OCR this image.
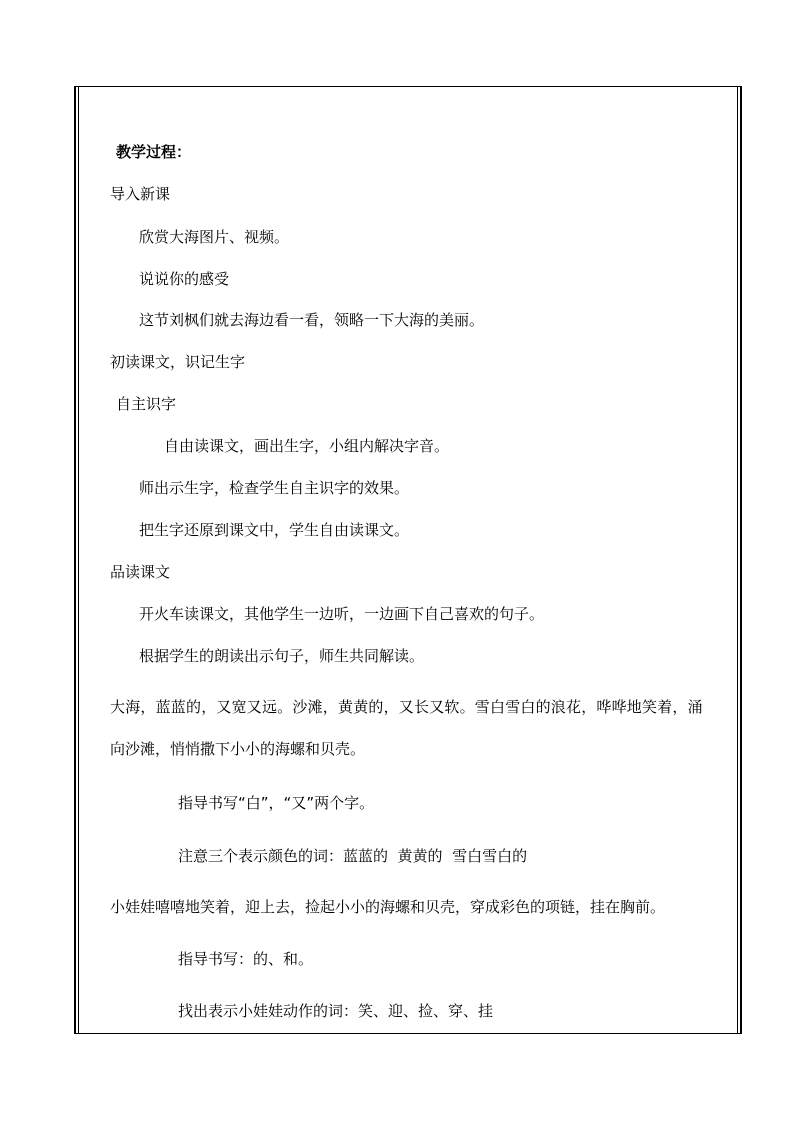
教学过程：
导入新课
欣赏大海图片、视频。
说说你的感受
这节刘枫们就去海边看一看，领略一下大海的美丽。
初读课文，识记生字
自主识字
自由读课文，画出生字，小组内解决字音。
师出示生字，检查学生自主识字的效果。
把生字还原到课文中，学生自由读课文。
品读课文
开火车读课文，其他学生一边听，一边画下自己喜欢的句子。
根据学生的朗读出示句子，师生共同解读。
大海，蓝蓝的，又宽又远。沙滩，黄黄的，又长又软。雪白雪白的浪花，哗哗地笑着，涌
向沙滩，悄悄撒下小小的海螺和贝壳。
指导书写“白”，“又”两个字。
注意三个表示颜色的词：蓝蓝的  黄黄的  雪白雪白的
小娃娃嘻嘻地笑着，迎上去，捡起小小的海螺和贝壳，穿成彩色的项链，挂在胸前。
指导书写：的、和。
找出表示小娃娃动作的词：笑、迎、捡、穿、挂
